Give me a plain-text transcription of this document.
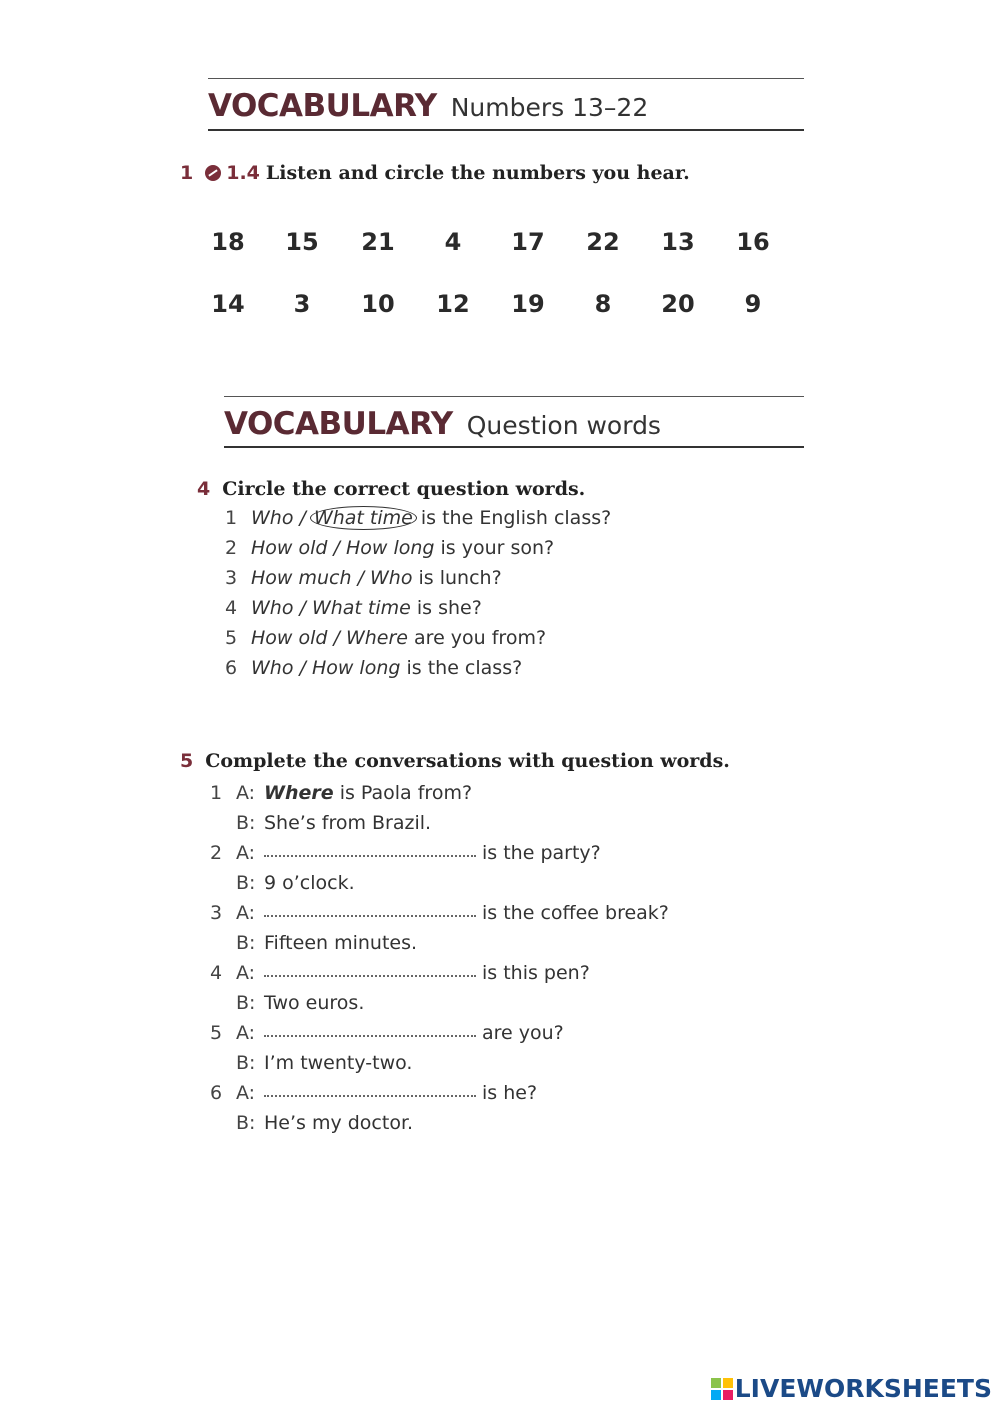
VOCABULARY Numbers 13–22
1 1.4 Listen and circle the numbers you hear.
18	15	21	4	17	22	13	16
14	3	10	12	19	8	20	9
VOCABULARY Question words
4 Circle the correct question words.
1 Who / What time is the English class?
2 How old / How long is your son?
3 How much / Who is lunch?
4 Who / What time is she?
5 How old / Where are you from?
6 Who / How long is the class?
5 Complete the conversations with question words.
1 A: Where is Paola from?
B: She’s from Brazil.
2 A:	is the party?
B: 9 o’clock.
3 A:	is the coffee break?
B: Fifteen minutes.
4 A:	is this pen?
B: Two euros.
5 A:	are you?
B: I’m twenty-two.
6 A:	is he?
B: He’s my doctor.
LIVEWORKSHEETS
